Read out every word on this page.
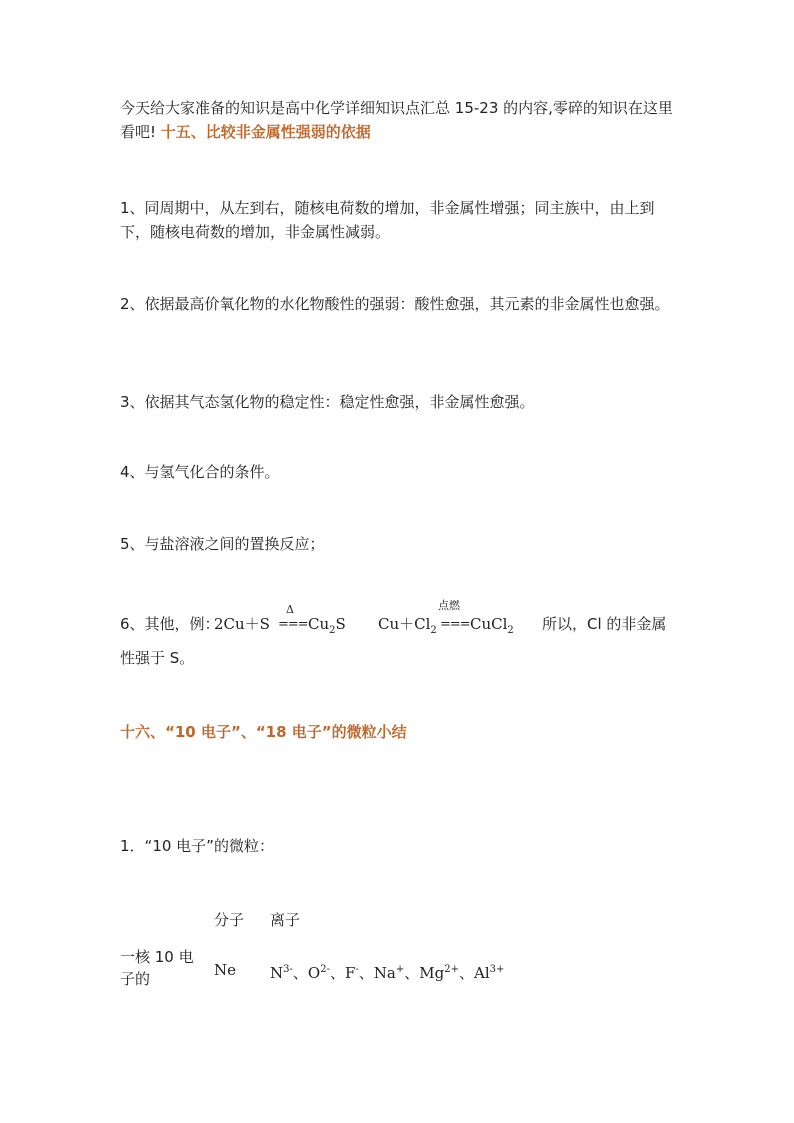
今天给大家准备的知识是高中化学详细知识点汇总 15-23 的内容,零碎的知识在这里看吧! 十五、比较非金属性强弱的依据

1、同周期中，从左到右，随核电荷数的增加，非金属性增强；同主族中，由上到下，随核电荷数的增加，非金属性减弱。

2、依据最高价氧化物的水化物酸性的强弱：酸性愈强，其元素的非金属性也愈强。

3、依据其气态氢化物的稳定性：稳定性愈强，非金属性愈强。

4、与氢气化合的条件。

5、与盐溶液之间的置换反应；

6、其他，例：
2Cu＋S
Δ
=== $Cu_2S$ $Cu+Cl_2$
点燃
=== CuCl$_2$ 所以，Cl 的非金属
性强于 S。

十六、“10 电子”、“18 电子”的微粒小结

1．“10 电子”的微粒：

分子 离子
一核 10 电子的	Ne $N^{3-}$、$O^{2-}$、F-、Na+、$Mg^{2+}$、$Al^{3+}$
